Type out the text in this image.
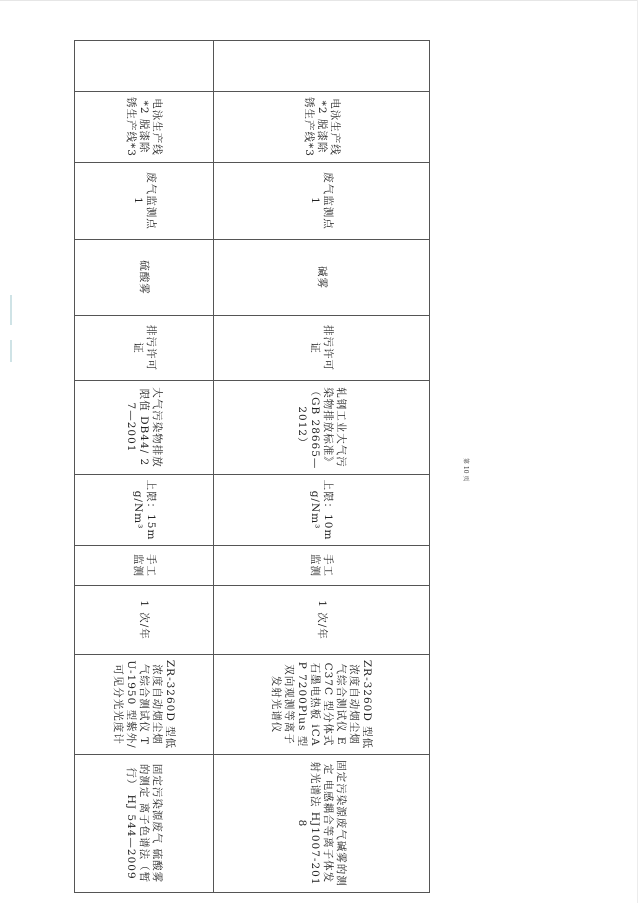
	电泳生产线*2 脱漆除锈生产线*3	废气监测点 1	碱雾	排污许可证	轧钢工业大气污染物排放标准》（GB 28665—2012）	上限：10mg/Nm³	手工监测	1 次/年	ZR-3260D 型低浓度自动烟尘烟气综合测试仪 EC37C 型分体式石墨电热板 iCAP 7200Plus 型双向观测等离子发射光谱仪	固定污染源废气碱雾的测定 电感耦合等离子体发射光谱法 HJ1007-2018
	电泳生产线*2 脱漆除锈生产线*3	废气监测点 1	硫酸雾	排污许可证	大气污染物排放限值 DB44/ 27—2001	上限：15mg/Nm³	手工监测	1 次/年	ZR-3260D 型低浓度自动烟尘烟气综合测试仪 TU-1950 型紫外/可见分光光度计	固定污染源废气 硫酸雾的测定 离子色谱法（暂行） HJ 544—2009
第 10 页
